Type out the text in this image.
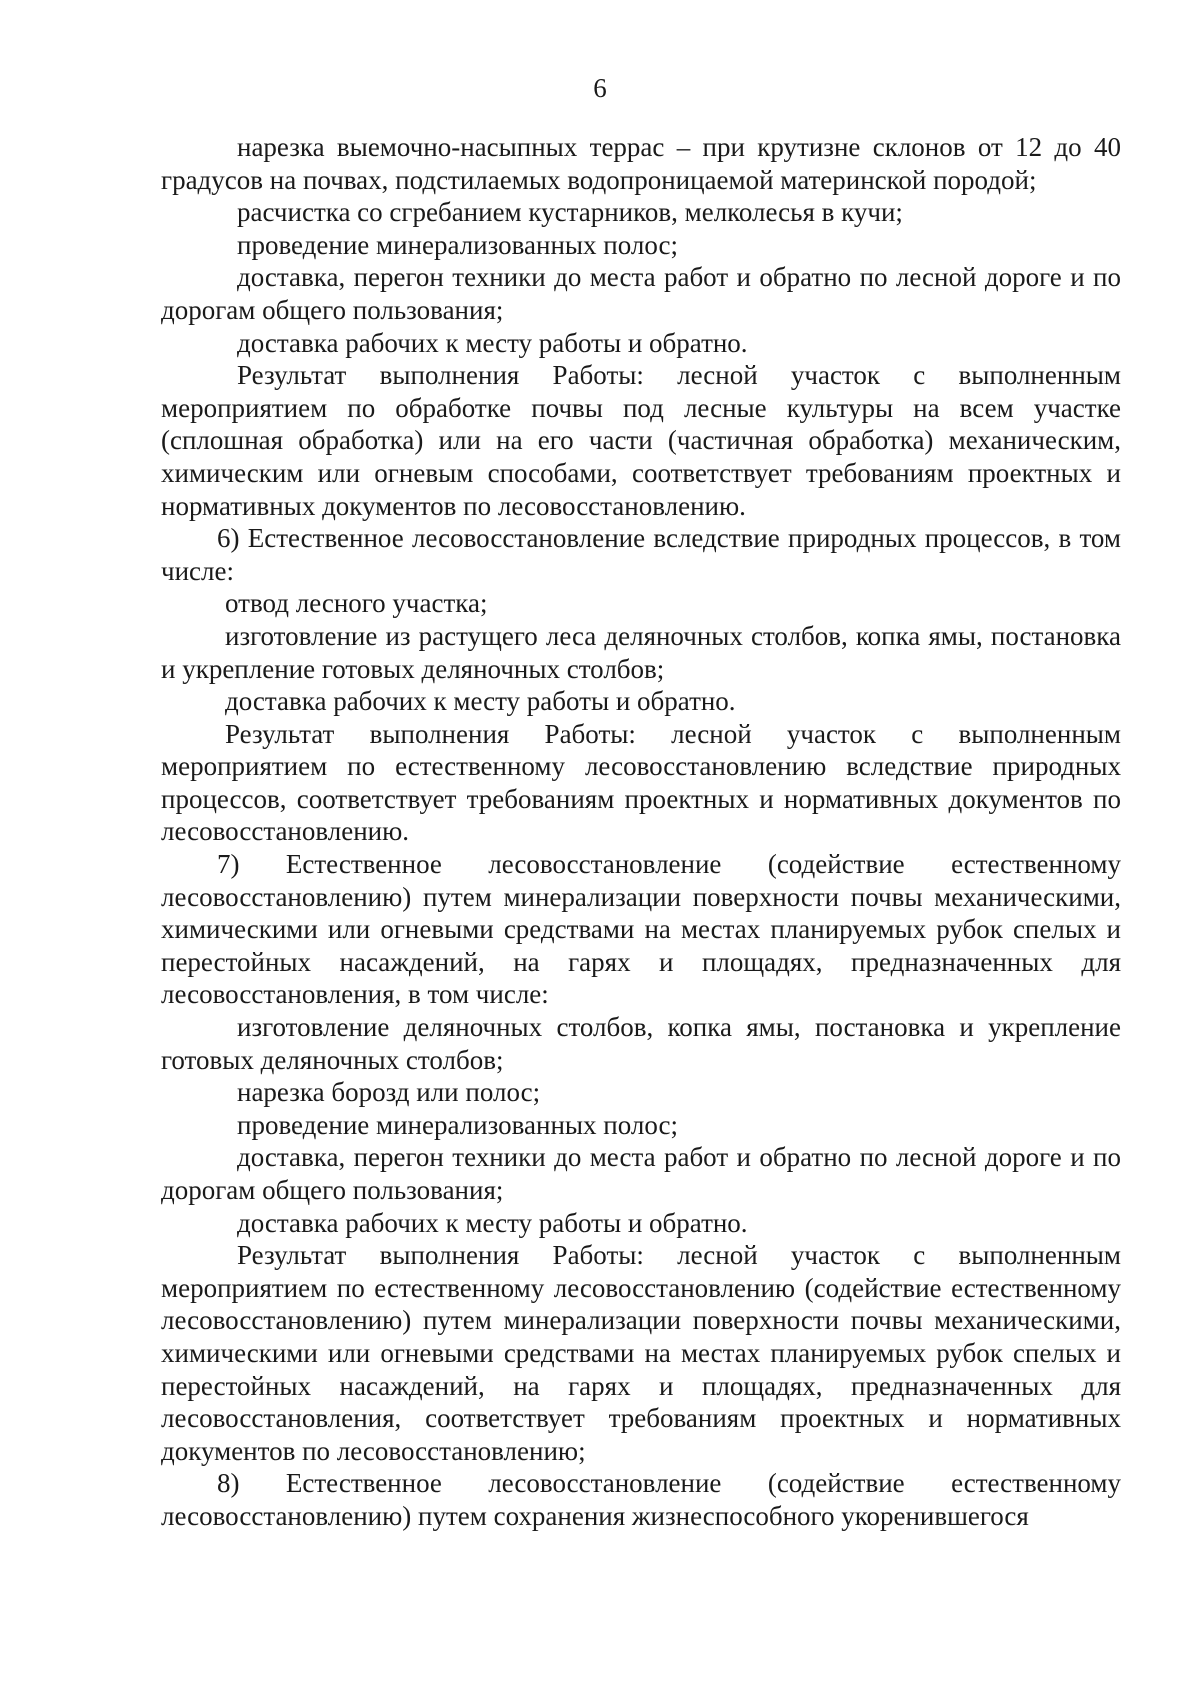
6

нарезка выемочно-насыпных террас – при крутизне склонов от 12 до 40 градусов на почвах, подстилаемых водопроницаемой материнской породой;

расчистка со сгребанием кустарников, мелколесья в кучи;

проведение минерализованных полос;

доставка, перегон техники до места работ и обратно по лесной дороге и по дорогам общего пользования;

доставка рабочих к месту работы и обратно.

Результат выполнения Работы: лесной участок с выполненным мероприятием по обработке почвы под лесные культуры на всем участке (сплошная обработка) или на его части (частичная обработка) механическим, химическим или огневым способами, соответствует требованиям проектных и нормативных документов по лесовосстановлению.

6) Естественное лесовосстановление вследствие природных процессов, в том числе:

отвод лесного участка;

изготовление из растущего леса деляночных столбов, копка ямы, постановка и укрепление готовых деляночных столбов;

доставка рабочих к месту работы и обратно.

Результат выполнения Работы: лесной участок с выполненным мероприятием по естественному лесовосстановлению вследствие природных процессов, соответствует требованиям проектных и нормативных документов по лесовосстановлению.

7) Естественное лесовосстановление (содействие естественному лесовосстановлению) путем минерализации поверхности почвы механическими, химическими или огневыми средствами на местах планируемых рубок спелых и перестойных насаждений, на гарях и площадях, предназначенных для лесовосстановления, в том числе:

изготовление деляночных столбов, копка ямы, постановка и укрепление готовых деляночных столбов;

нарезка борозд или полос;

проведение минерализованных полос;

доставка, перегон техники до места работ и обратно по лесной дороге и по дорогам общего пользования;

доставка рабочих к месту работы и обратно.

Результат выполнения Работы: лесной участок с выполненным мероприятием по естественному лесовосстановлению (содействие естественному лесовосстановлению) путем минерализации поверхности почвы механическими, химическими или огневыми средствами на местах планируемых рубок спелых и перестойных насаждений, на гарях и площадях, предназначенных для лесовосстановления, соответствует требованиям проектных и нормативных документов по лесовосстановлению;

8) Естественное лесовосстановление (содействие естественному лесовосстановлению) путем сохранения жизнеспособного укоренившегося
